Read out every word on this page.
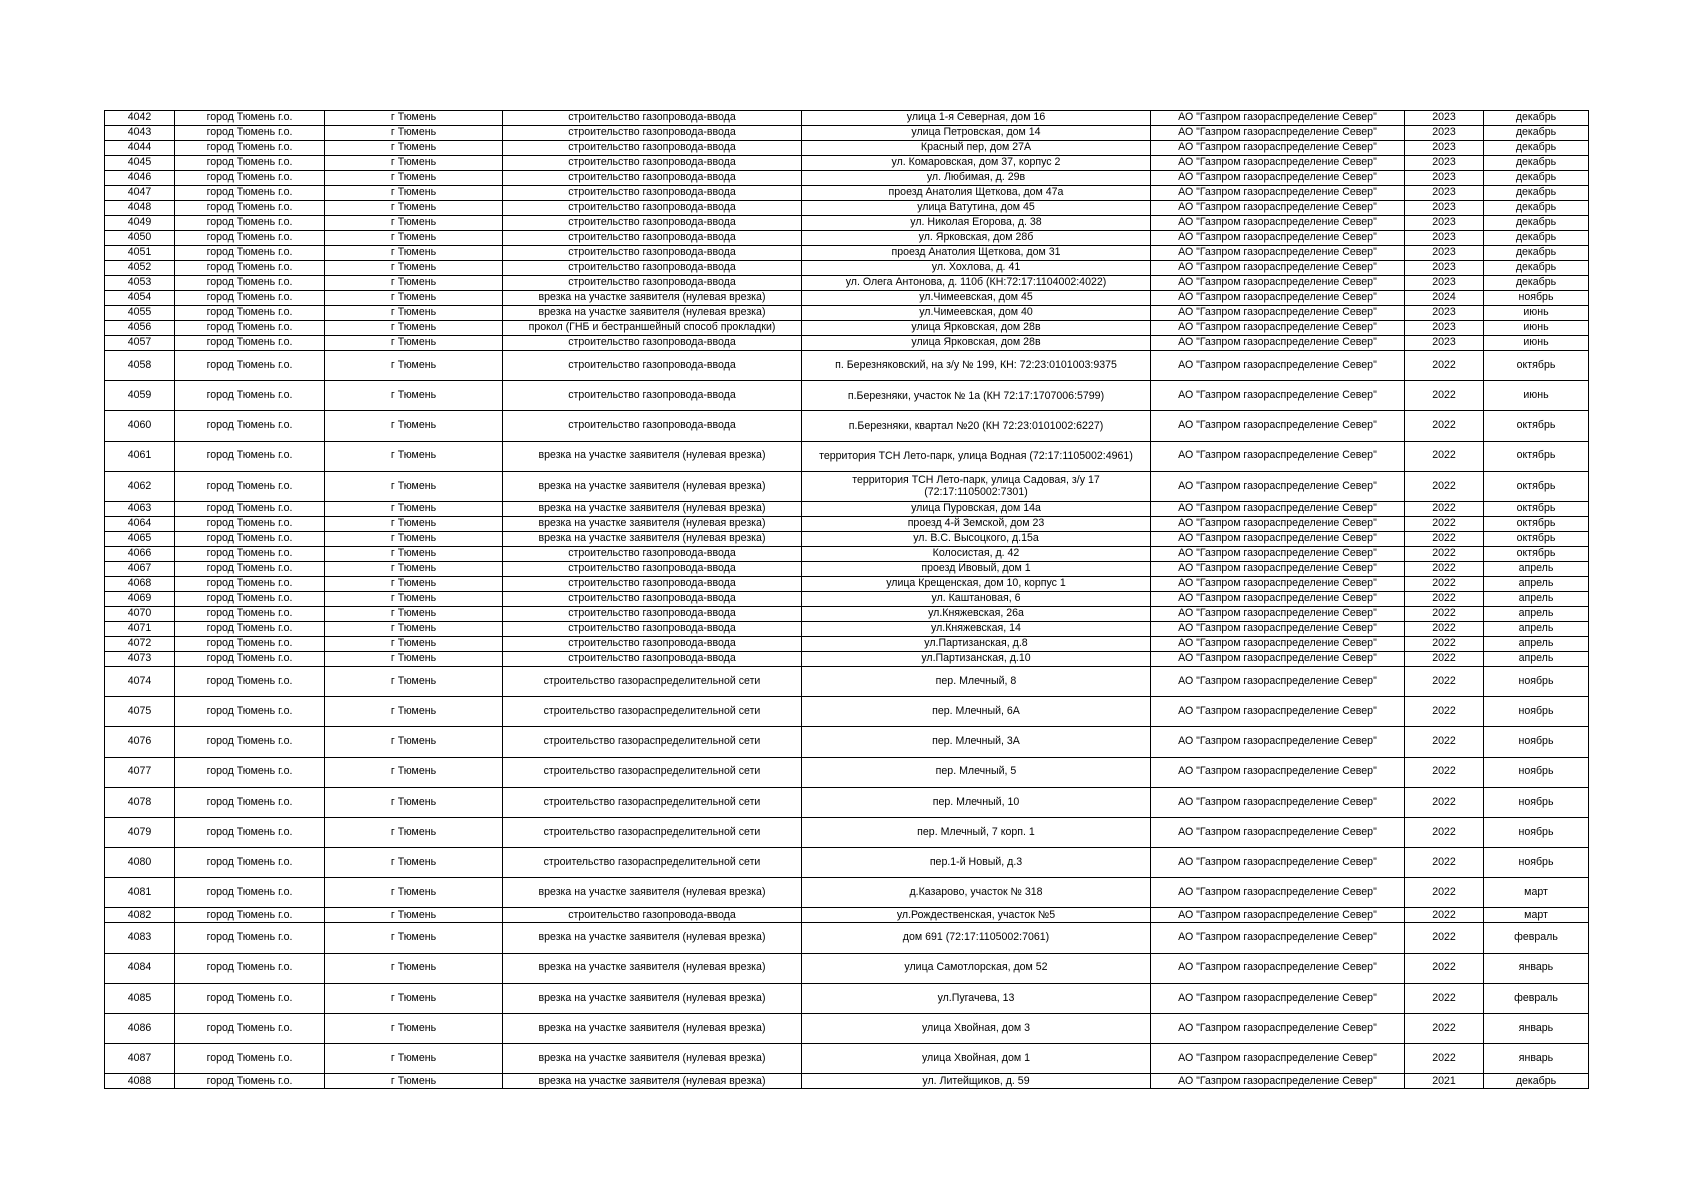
4042	город Тюмень г.о.	г Тюмень	строительство газопровода-ввода	улица 1-я Северная, дом 16	АО "Газпром газораспределение Север"	2023	декабрь
4043	город Тюмень г.о.	г Тюмень	строительство газопровода-ввода	улица Петровская, дом 14	АО "Газпром газораспределение Север"	2023	декабрь
4044	город Тюмень г.о.	г Тюмень	строительство газопровода-ввода	Красный пер, дом 27А	АО "Газпром газораспределение Север"	2023	декабрь
4045	город Тюмень г.о.	г Тюмень	строительство газопровода-ввода	ул. Комаровская, дом 37, корпус 2	АО "Газпром газораспределение Север"	2023	декабрь
4046	город Тюмень г.о.	г Тюмень	строительство газопровода-ввода	ул. Любимая, д. 29в	АО "Газпром газораспределение Север"	2023	декабрь
4047	город Тюмень г.о.	г Тюмень	строительство газопровода-ввода	проезд Анатолия Щеткова, дом 47а	АО "Газпром газораспределение Север"	2023	декабрь
4048	город Тюмень г.о.	г Тюмень	строительство газопровода-ввода	улица Ватутина, дом 45	АО "Газпром газораспределение Север"	2023	декабрь
4049	город Тюмень г.о.	г Тюмень	строительство газопровода-ввода	ул. Николая Егорова, д. 38	АО "Газпром газораспределение Север"	2023	декабрь
4050	город Тюмень г.о.	г Тюмень	строительство газопровода-ввода	ул. Ярковская, дом 28б	АО "Газпром газораспределение Север"	2023	декабрь
4051	город Тюмень г.о.	г Тюмень	строительство газопровода-ввода	проезд Анатолия Щеткова, дом 31	АО "Газпром газораспределение Север"	2023	декабрь
4052	город Тюмень г.о.	г Тюмень	строительство газопровода-ввода	ул. Хохлова, д. 41	АО "Газпром газораспределение Север"	2023	декабрь
4053	город Тюмень г.о.	г Тюмень	строительство газопровода-ввода	ул. Олега Антонова, д. 110б (КН:72:17:1104002:4022)	АО "Газпром газораспределение Север"	2023	декабрь
4054	город Тюмень г.о.	г Тюмень	врезка на участке заявителя (нулевая врезка)	ул.Чимеевская, дом 45	АО "Газпром газораспределение Север"	2024	ноябрь
4055	город Тюмень г.о.	г Тюмень	врезка на участке заявителя (нулевая врезка)	ул.Чимеевская, дом 40	АО "Газпром газораспределение Север"	2023	июнь
4056	город Тюмень г.о.	г Тюмень	прокол (ГНБ и бестраншейный способ прокладки)	улица Ярковская, дом 28в	АО "Газпром газораспределение Север"	2023	июнь
4057	город Тюмень г.о.	г Тюмень	строительство газопровода-ввода	улица Ярковская, дом 28в	АО "Газпром газораспределение Север"	2023	июнь
4058	город Тюмень г.о.	г Тюмень	строительство газопровода-ввода	п. Березняковский, на з/у № 199, КН: 72:23:0101003:9375	АО "Газпром газораспределение Север"	2022	октябрь
4059	город Тюмень г.о.	г Тюмень	строительство газопровода-ввода	п.Березняки, участок № 1а (КН 72:17:1707006:5799)	АО "Газпром газораспределение Север"	2022	июнь
4060	город Тюмень г.о.	г Тюмень	строительство газопровода-ввода	п.Березняки, квартал №20 (КН 72:23:0101002:6227)	АО "Газпром газораспределение Север"	2022	октябрь
4061	город Тюмень г.о.	г Тюмень	врезка на участке заявителя (нулевая врезка)	территория ТСН Лето-парк, улица Водная (72:17:1105002:4961)	АО "Газпром газораспределение Север"	2022	октябрь
4062	город Тюмень г.о.	г Тюмень	врезка на участке заявителя (нулевая врезка)	территория ТСН Лето-парк, улица Садовая, з/у 17 (72:17:1105002:7301)	АО "Газпром газораспределение Север"	2022	октябрь
4063	город Тюмень г.о.	г Тюмень	врезка на участке заявителя (нулевая врезка)	улица Пуровская, дом 14а	АО "Газпром газораспределение Север"	2022	октябрь
4064	город Тюмень г.о.	г Тюмень	врезка на участке заявителя (нулевая врезка)	проезд 4-й Земской, дом 23	АО "Газпром газораспределение Север"	2022	октябрь
4065	город Тюмень г.о.	г Тюмень	врезка на участке заявителя (нулевая врезка)	ул. В.С. Высоцкого, д.15а	АО "Газпром газораспределение Север"	2022	октябрь
4066	город Тюмень г.о.	г Тюмень	строительство газопровода-ввода	Колосистая, д. 42	АО "Газпром газораспределение Север"	2022	октябрь
4067	город Тюмень г.о.	г Тюмень	строительство газопровода-ввода	проезд Ивовый, дом 1	АО "Газпром газораспределение Север"	2022	апрель
4068	город Тюмень г.о.	г Тюмень	строительство газопровода-ввода	улица Крещенская, дом 10, корпус 1	АО "Газпром газораспределение Север"	2022	апрель
4069	город Тюмень г.о.	г Тюмень	строительство газопровода-ввода	ул. Каштановая, 6	АО "Газпром газораспределение Север"	2022	апрель
4070	город Тюмень г.о.	г Тюмень	строительство газопровода-ввода	ул.Княжевская, 26а	АО "Газпром газораспределение Север"	2022	апрель
4071	город Тюмень г.о.	г Тюмень	строительство газопровода-ввода	ул.Княжевская, 14	АО "Газпром газораспределение Север"	2022	апрель
4072	город Тюмень г.о.	г Тюмень	строительство газопровода-ввода	ул.Партизанская, д.8	АО "Газпром газораспределение Север"	2022	апрель
4073	город Тюмень г.о.	г Тюмень	строительство газопровода-ввода	ул.Партизанская, д.10	АО "Газпром газораспределение Север"	2022	апрель
4074	город Тюмень г.о.	г Тюмень	строительство газораспределительной сети	пер. Млечный, 8	АО "Газпром газораспределение Север"	2022	ноябрь
4075	город Тюмень г.о.	г Тюмень	строительство газораспределительной сети	пер. Млечный, 6А	АО "Газпром газораспределение Север"	2022	ноябрь
4076	город Тюмень г.о.	г Тюмень	строительство газораспределительной сети	пер. Млечный, 3А	АО "Газпром газораспределение Север"	2022	ноябрь
4077	город Тюмень г.о.	г Тюмень	строительство газораспределительной сети	пер. Млечный, 5	АО "Газпром газораспределение Север"	2022	ноябрь
4078	город Тюмень г.о.	г Тюмень	строительство газораспределительной сети	пер. Млечный, 10	АО "Газпром газораспределение Север"	2022	ноябрь
4079	город Тюмень г.о.	г Тюмень	строительство газораспределительной сети	пер. Млечный, 7 корп. 1	АО "Газпром газораспределение Север"	2022	ноябрь
4080	город Тюмень г.о.	г Тюмень	строительство газораспределительной сети	пер.1-й Новый, д.3	АО "Газпром газораспределение Север"	2022	ноябрь
4081	город Тюмень г.о.	г Тюмень	врезка на участке заявителя (нулевая врезка)	д.Казарово, участок № 318	АО "Газпром газораспределение Север"	2022	март
4082	город Тюмень г.о.	г Тюмень	строительство газопровода-ввода	ул.Рождественская, участок №5	АО "Газпром газораспределение Север"	2022	март
4083	город Тюмень г.о.	г Тюмень	врезка на участке заявителя (нулевая врезка)	дом 691 (72:17:1105002:7061)	АО "Газпром газораспределение Север"	2022	февраль
4084	город Тюмень г.о.	г Тюмень	врезка на участке заявителя (нулевая врезка)	улица Самотлорская, дом 52	АО "Газпром газораспределение Север"	2022	январь
4085	город Тюмень г.о.	г Тюмень	врезка на участке заявителя (нулевая врезка)	ул.Пугачева, 13	АО "Газпром газораспределение Север"	2022	февраль
4086	город Тюмень г.о.	г Тюмень	врезка на участке заявителя (нулевая врезка)	улица Хвойная, дом 3	АО "Газпром газораспределение Север"	2022	январь
4087	город Тюмень г.о.	г Тюмень	врезка на участке заявителя (нулевая врезка)	улица Хвойная, дом 1	АО "Газпром газораспределение Север"	2022	январь
4088	город Тюмень г.о.	г Тюмень	врезка на участке заявителя (нулевая врезка)	ул. Литейщиков, д. 59	АО "Газпром газораспределение Север"	2021	декабрь
